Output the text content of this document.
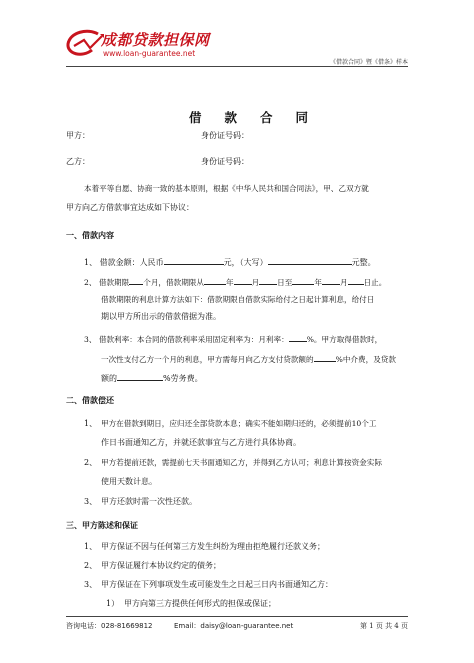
成都贷款担保网
www.loan-guarantee.net
《借款合同》暨《借条》样本
借款合同
甲方：	身份证号码：
乙方：	身份证号码：
本着平等自愿、协商一致的基本原则，根据《中华人民共和国合同法》，甲、乙双方就
甲方向乙方借款事宜达成如下协议：
一、借款内容
1、 借款金额：人民币	元，（大写）	元整。
2、 借款期限 个月，借款期限从	年 月 日至	年 月 日止。
借款期限的利息计算方法如下：借款期限自借款实际给付之日起计算利息，给付日
期以甲方所出示的借款借据为准。
3、 借款利率：本合同的借款利率采用固定利率为：月利率： %。甲方取得借款时，
一次性支付乙方一个月的利息，甲方需每月向乙方支付贷款额的	%中介费，及贷款
额的	%劳务费。
二、借款偿还
1、 甲方在借款到期日，应归还全部贷款本息；确实不能如期归还的，必须提前10个工
作日书面通知乙方，并就还款事宜与乙方进行具体协商。
2、 甲方若提前还款，需提前七天书面通知乙方，并得到乙方认可；利息计算按资金实际
使用天数计息。
3、 甲方还款时需一次性还款。
三、甲方陈述和保证
1、 甲方保证不因与任何第三方发生纠纷为理由拒绝履行还款义务；
2、 甲方保证履行本协议约定的债务；
3、 甲方保证在下列事项发生或可能发生之日起三日内书面通知乙方：
1） 甲方向第三方提供任何形式的担保或保证；
咨询电话：028-81669812	Email：daisy@loan-guarantee.net	第 1 页 共 4 页
